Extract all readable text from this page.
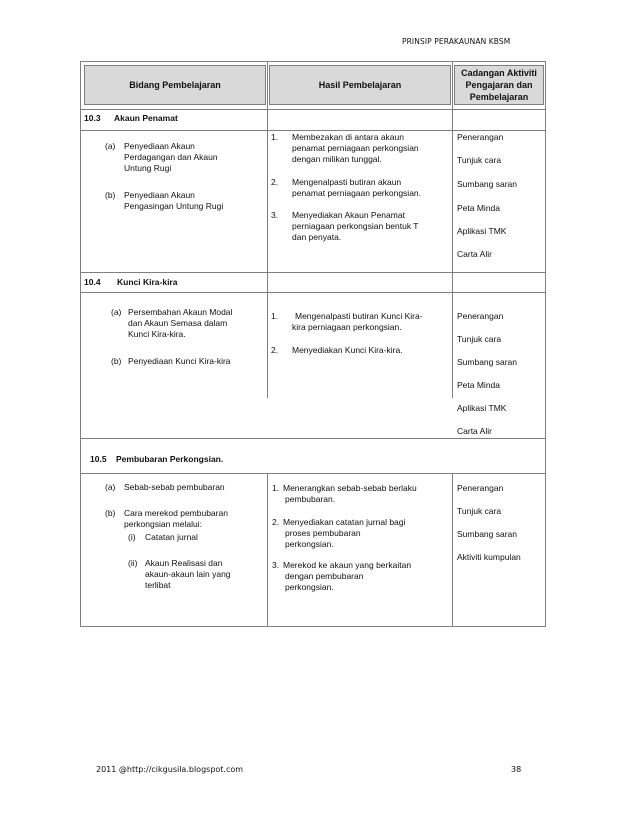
PRINSIP PERAKAUNAN KBSM
Bidang Pembelajaran	Hasil Pembelajaran
Cadangan Aktiviti
Pengajaran dan
Pembelajaran
10.3 Akaun Penamat
(a) Penyediaan Akaun
Perdagangan dan Akaun
Untung Rugi
(b) Penyediaan Akaun
Pengasingan Untung Rugi
1. Membezakan di antara akaun
penamat perniagaan perkongsian
dengan milikan tunggal.
2. Mengenalpasti butiran akaun
penamat perniagaan perkongsian.
3. Menyediakan Akaun Penamat
perniagaan perkongsian bentuk T
dan penyata.
Penerangan
Tunjuk cara
Sumbang saran
Peta Minda
Aplikasi TMK
Carta Alir
10.4 Kunci Kira-kira
(a) Persembahan Akaun Modal
dan Akaun Semasa dalam
Kunci Kira-kira.
(b) Penyediaan Kunci Kira-kira
1. Mengenalpasti butiran Kunci Kira-
kira perniagaan perkongsian.
2. Menyediakan Kunci Kira-kira.
Penerangan
Tunjuk cara
Sumbang saran
Peta Minda
Aplikasi TMK
Carta Alir
10.5 Pembubaran Perkongsian.
(a) Sebab-sebab pembubaran
(b) Cara merekod pembubaran
perkongsian melalui:
(i) Catatan jurnal
(ii) Akaun Realisasi dan
akaun-akaun lain yang
terlibat
1. Menerangkan sebab-sebab berlaku
pembubaran.
2. Menyediakan catatan jurnal bagi
proses pembubaran
perkongsian.
3. Merekod ke akaun yang berkaitan
dengan pembubaran
perkongsian.
Penerangan
Tunjuk cara
Sumbang saran
Aktiviti kumpulan
2011 @http://cikgusila.blogspot.com	38
